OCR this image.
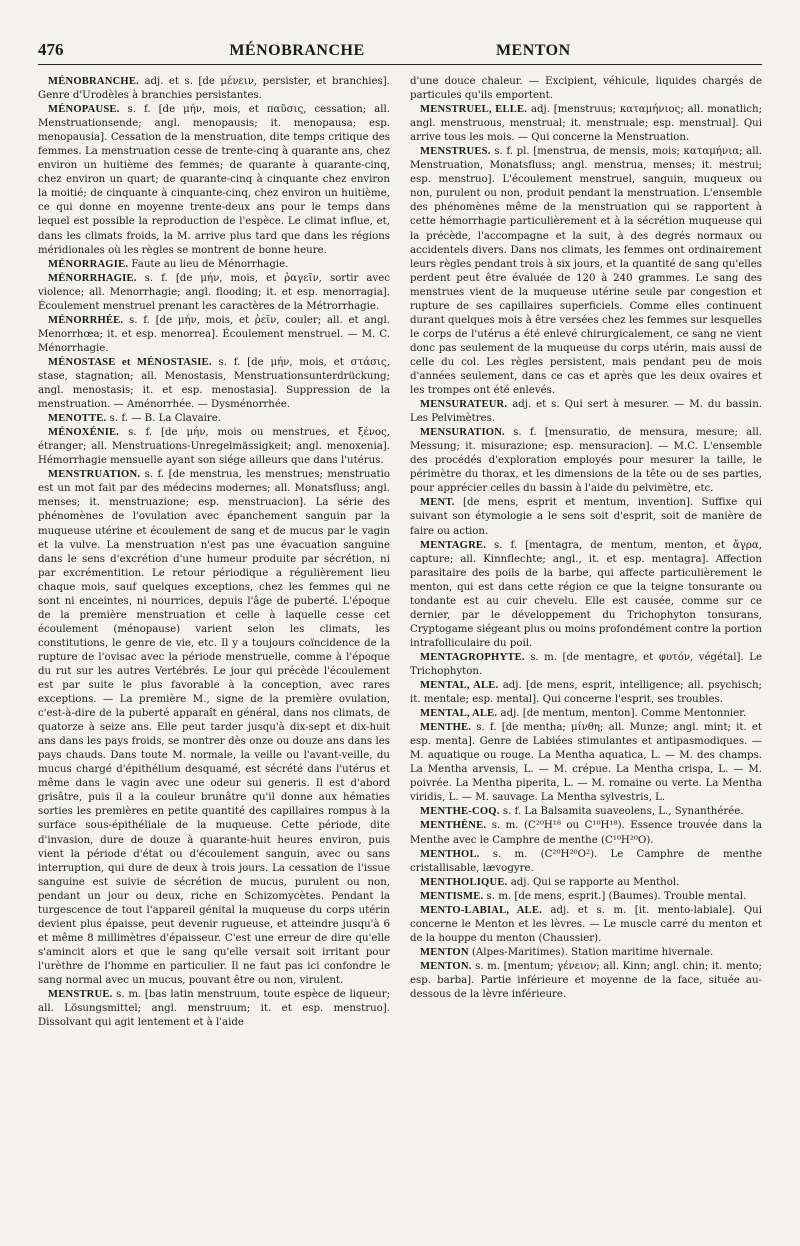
476	MÉNOBRANCHE	MENTON

MÉNOBRANCHE. adj. et s. [de μένειν, persister, et branchies]. Genre d'Urodèles à branchies persistantes.

MÉNOPAUSE. s. f. [de μήν, mois, et παῦσις, cessation; all. Menstruationsende; angl. menopausis; it. menopausa; esp. menopausia]. Cessation de la menstruation, dite temps critique des femmes. La menstruation cesse de trente-cinq à quarante ans, chez environ un huitième des femmes; de quarante à quarante-cinq, chez environ un quart; de quarante-cinq à cinquante chez environ la moitié; de cinquante à cinquante-cinq, chez environ un huitième, ce qui donne en moyenne trente-deux ans pour le temps dans lequel est possible la reproduction de l'espèce. Le climat influe, et, dans les climats froids, la M. arrive plus tard que dans les régions méridionales où les règles se montrent de bonne heure.

MÉNORRAGIE. Faute au lieu de Ménorrhagie.

MÉNORRHAGIE. s. f. [de μήν, mois, et ῥαγεῖν, sortir avec violence; all. Menorrhagie; angl. flooding; it. et esp. menorragia]. Écoulement menstruel prenant les caractères de la Métrorrhagie.

MÉNORRHÉE. s. f. [de μήν, mois, et ῥεῖν, couler; all. et angl. Menorrhœa; it. et esp. menorrea]. Écoulement menstruel. — M. C. Ménorrhagie.

MÉNOSTASE et MÉNOSTASIE. s. f. [de μήν, mois, et στάσις, stase, stagnation; all. Menostasis, Menstruationsunterdrückung; angl. menostasis; it. et esp. menostasia]. Suppression de la menstruation. — Aménorrhée. — Dysménorrhée.

MENOTTE. s. f. — B. La Clavaire.

MÉNOXÉNIE. s. f. [de μήν, mois ou menstrues, et ξένος, étranger; all. Menstruations-Unregelmässigkeit; angl. menoxenia]. Hémorrhagie mensuelle ayant son siége ailleurs que dans l'utérus.

MENSTRUATION. s. f. [de menstrua, les menstrues; menstruatio est un mot fait par des médecins modernes; all. Monatsfluss; angl. menses; it. menstruazione; esp. menstruacion]. La série des phénomènes de l'ovulation avec épanchement sanguin par la muqueuse utérine et écoulement de sang et de mucus par le vagin et la vulve. La menstruation n'est pas une évacuation sanguine dans le sens d'excrétion d'une humeur produite par sécrétion, ni par excrémentition. Le retour périodique a régulièrement lieu chaque mois, sauf quelques exceptions, chez les femmes qui ne sont ni enceintes, ni nourrices, depuis l'âge de puberté. L'époque de la première menstruation et celle à laquelle cesse cet écoulement (ménopause) varient selon les climats, les constitutions, le genre de vie, etc. Il y a toujours coïncidence de la rupture de l'ovisac avec la période menstruelle, comme à l'époque du rut sur les autres Vertébrés. Le jour qui précède l'écoulement est par suite le plus favorable à la conception, avec rares exceptions. — La première M., signe de la première ovulation, c'est-à-dire de la puberté apparaît en général, dans nos climats, de quatorze à seize ans. Elle peut tarder jusqu'à dix-sept et dix-huit ans dans les pays froids, se montrer dès onze ou douze ans dans les pays chauds. Dans toute M. normale, la veille ou l'avant-veille, du mucus chargé d'épithélium desquamé, est sécrété dans l'utérus et même dans le vagin avec une odeur sui generis. Il est d'abord grisâtre, puis il a la couleur brunâtre qu'il donne aux hématies sorties les premières en petite quantité des capillaires rompus à la surface sous-épithéliale de la muqueuse. Cette période, dite d'invasion, dure de douze à quarante-huit heures environ, puis vient la période d'état ou d'écoulement sanguin, avec ou sans interruption, qui dure de deux à trois jours. La cessation de l'issue sanguine est suivie de sécrétion de mucus, purulent ou non, pendant un jour ou deux, riche en Schizomycètes. Pendant la turgescence de tout l'appareil génital la muqueuse du corps utérin devient plus épaisse, peut devenir rugueuse, et atteindre jusqu'à 6 et même 8 millimètres d'épaisseur. C'est une erreur de dire qu'elle s'amincit alors et que le sang qu'elle versait soit irritant pour l'urèthre de l'homme en particulier. Il ne faut pas ici confondre le sang normal avec un mucus, pouvant être ou non, virulent.

MENSTRUE. s. m. [bas latin menstruum, toute espèce de liqueur; all. Lösungsmittel; angl. menstruum; it. et esp. menstruo]. Dissolvant qui agit lentement et à l'aide

d'une douce chaleur. — Excipient, véhicule, liquides chargés de particules qu'ils emportent.

MENSTRUEL, ELLE. adj. [menstruus; καταμήνιος; all. monatlich; angl. menstruous, menstrual; it. menstruale; esp. menstrual]. Qui arrive tous les mois. — Qui concerne la Menstruation.

MENSTRUES. s. f. pl. [menstrua, de mensis, mois; καταμήνια; all. Menstruation, Monatsfluss; angl. menstrua, menses; it. mestrui; esp. menstruo]. L'écoulement menstruel, sanguin, muqueux ou non, purulent ou non, produit pendant la menstruation. L'ensemble des phénomènes même de la menstruation qui se rapportent à cette hémorrhagie particulièrement et à la sécrétion muqueuse qui la précède, l'accompagne et la suit, à des degrés normaux ou accidentels divers. Dans nos climats, les femmes ont ordinairement leurs règles pendant trois à six jours, et la quantité de sang qu'elles perdent peut être évaluée de 120 à 240 grammes. Le sang des menstrues vient de la muqueuse utérine seule par congestion et rupture de ses capillaires superficiels. Comme elles continuent durant quelques mois à être versées chez les femmes sur lesquelles le corps de l'utérus a été enlevé chirurgicalement, ce sang ne vient donc pas seulement de la muqueuse du corps utérin, mais aussi de celle du col. Les règles persistent, mais pendant peu de mois d'années seulement, dans ce cas et après que les deux ovaires et les trompes ont été enlevés.

MENSURATEUR. adj. et s. Qui sert à mesurer. — M. du bassin. Les Pelvimètres.

MENSURATION. s. f. [mensuratio, de mensura, mesure; all. Messung; it. misurazione; esp. mensuracion]. — M.C. L'ensemble des procédés d'exploration employés pour mesurer la taille, le périmètre du thorax, et les dimensions de la tête ou de ses parties, pour apprécier celles du bassin à l'aide du pelvimètre, etc.

MENT. [de mens, esprit et mentum, invention]. Suffixe qui suivant son étymologie a le sens soit d'esprit, soit de manière de faire ou action.

MENTAGRE. s. f. [mentagra, de mentum, menton, et ἄγρα, capture; all. Kinnflechte; angl., it. et esp. mentagra]. Affection parasitaire des poils de la barbe, qui affecte particulièrement le menton, qui est dans cette région ce que la teigne tonsurante ou tondante est au cuir chevelu. Elle est causée, comme sur ce dernier, par le développement du Trichophyton tonsurans, Cryptogame siégeant plus ou moins profondément contre la portion intrafolliculaire du poil.

MENTAGROPHYTE. s. m. [de mentagre, et φυτόν, végétal]. Le Trichophyton.

MENTAL, ALE. adj. [de mens, esprit, intelligence; all. psychisch; it. mentale; esp. mental]. Qui concerne l'esprit, ses troubles.

MENTAL, ALE. adj. [de mentum, menton]. Comme Mentonnier.

MENTHE. s. f. [de mentha; μίνθη; all. Munze; angl. mint; it. et esp. menta]. Genre de Labiées stimulantes et antipasmodiques. — M. aquatique ou rouge. La Mentha aquatica, L. — M. des champs. La Mentha arvensis, L. — M. crépue. La Mentha crispa, L. — M. poivrée. La Mentha piperita, L. — M. romaine ou verte. La Mentha viridis, L. — M. sauvage. La Mentha sylvestris, L.

MENTHE-COQ. s. f. La Balsamita suaveolens, L., Synanthérée.

MENTHÈNE. s. m. (C²⁰H¹⁸ ou C¹⁰H¹⁸). Essence trouvée dans la Menthe avec le Camphre de menthe (C¹⁰H²⁰O).

MENTHOL. s. m. (C²⁰H²⁰O²). Le Camphre de menthe cristallisable, lævogyre.

MENTHOLIQUE. adj. Qui se rapporte au Menthol.

MENTISME. s. m. [de mens, esprit.] (Baumes). Trouble mental.

MENTO-LABIAL, ALE. adj. et s. m. [it. mento-labiale]. Qui concerne le Menton et les lèvres. — Le muscle carré du menton et de la houppe du menton (Chaussier).

MENTON (Alpes-Maritimes). Station maritime hivernale.

MENTON. s. m. [mentum; γένειον; all. Kinn; angl. chin; it. mento; esp. barba]. Partie inférieure et moyenne de la face, située au-dessous de la lèvre inférieure.
